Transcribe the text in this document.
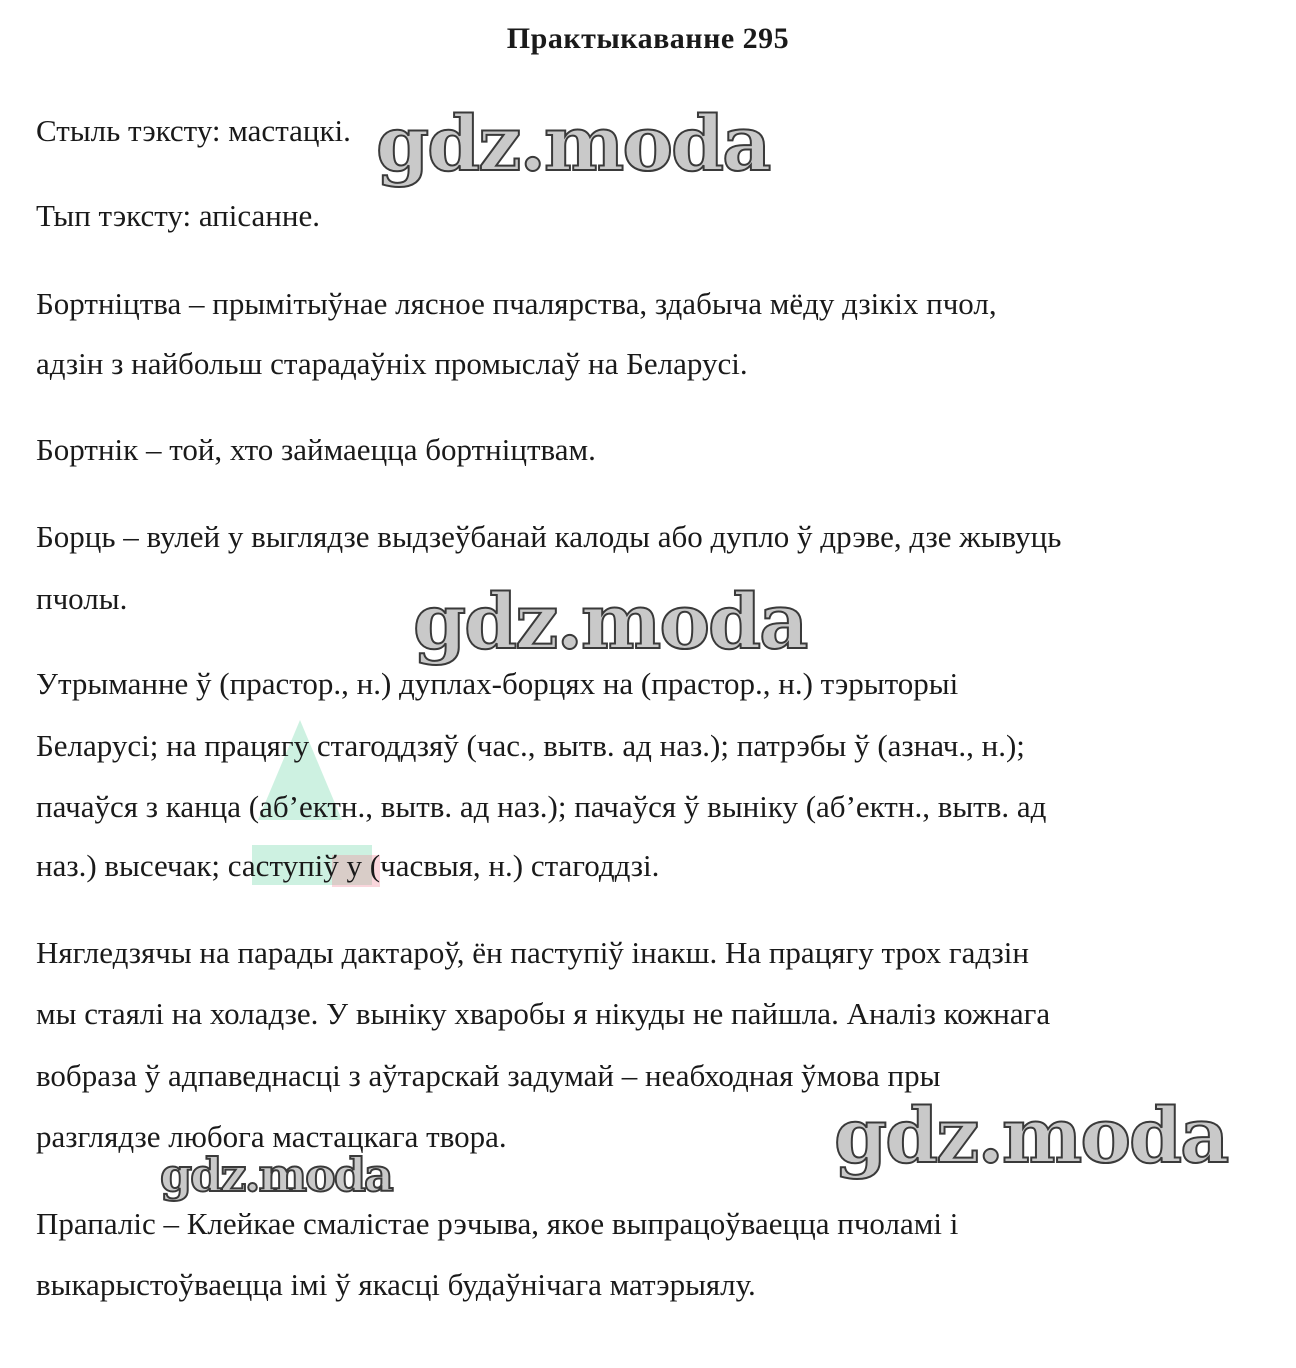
Практыкаванне 295
Стыль тэксту: мастацкі.
Тып тэксту: апісанне.
Бортніцтва – прымітыўнае лясное пчалярства, здабыча мёду дзікіх пчол,
адзін з найбольш старадаўніх промыслаў на Беларусі.
Бортнік – той, хто займаецца бортніцтвам.
Борць – вулей у выглядзе выдзеўбанай калоды або дупло ў дрэве, дзе жывуць
пчолы.
Утрыманне ў (прастор., н.) дуплах-борцях на (прастор., н.) тэрыторыі
Беларусі; на працягу стагоддзяў (час., вытв. ад наз.); патрэбы ў (азнач., н.);
пачаўся з канца (аб’ектн., вытв. ад наз.); пачаўся ў выніку (аб’ектн., вытв. ад
наз.) высечак; саступіў у (часвыя, н.) стагоддзі.
Нягледзячы на парады дактароў, ён паступіў інакш. На працягу трох гадзін
мы стаялі на холадзе. У выніку хваробы я нікуды не пайшла. Аналіз кожнага
вобраза ў адпаведнасці з аўтарскай задумай – неабходная ўмова пры
разглядзе любога мастацкага твора.
Прапаліс – Клейкае смалістае рэчыва, якое выпрацоўваецца пчоламі і
выкарыстоўваецца імі ў якасці будаўнічага матэрыялу.
gdz.moda
gdz.moda
gdz.moda
gdz.moda
